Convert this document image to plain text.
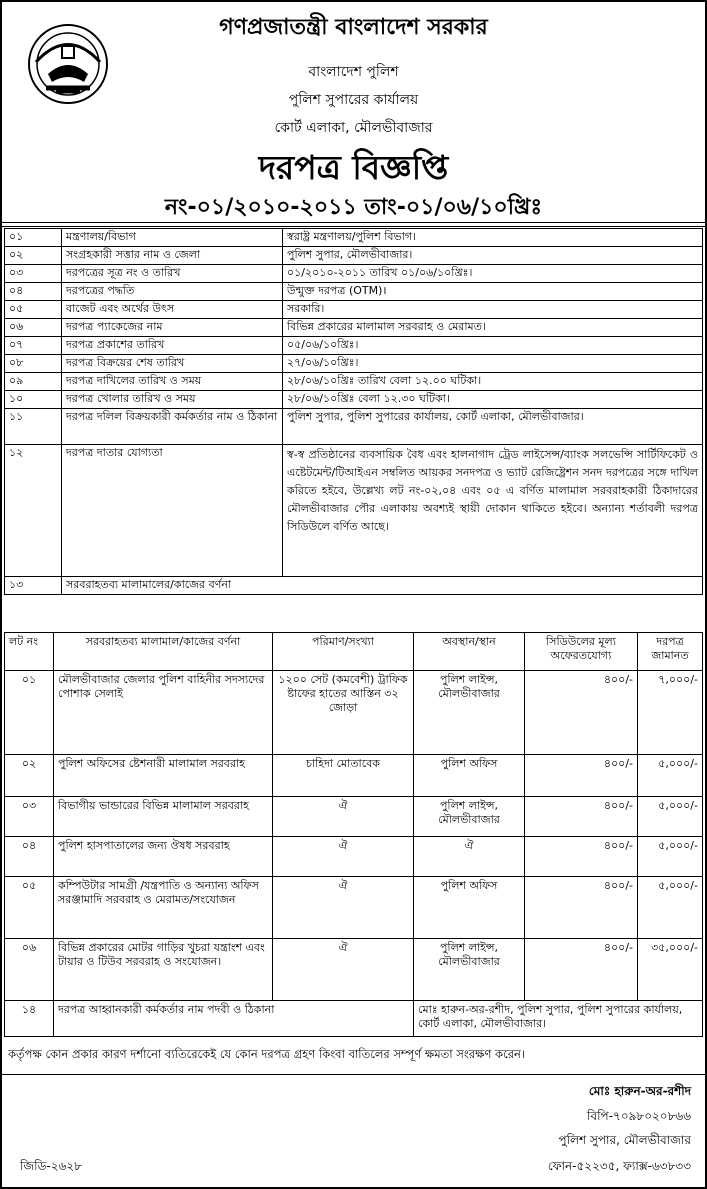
গণপ্রজাতন্ত্রী বাংলাদেশ সরকার
বাংলাদেশ পুলিশ
পুলিশ সুপারের কার্যালয়
কোর্ট এলাকা, মৌলভীবাজার
দরপত্র বিজ্ঞপ্তি
নং-০১/২০১০-২০১১ তাং-০১/০৬/১০খ্রিঃ
০১	মন্ত্রণালয়/বিভাগ	স্বরাষ্ট্র মন্ত্রণালয়/পুলিশ বিভাগ।
০২	সংগ্রহকারী সত্তার নাম ও জেলা	পুলিশ সুপার, মৌলভীবাজার।
০৩	দরপত্রের সূত্র নং ও তারিখ	০১/২০১০-২০১১ তারিখ ০১/০৬/১০খ্রিঃ।
০৪	দরপত্রের পদ্ধতি	উন্মুক্ত দরপত্র (OTM)।
০৫	বাজেট এবং অর্থের উৎস	সরকারি।
০৬	দরপত্র প্যাকেজের নাম	বিভিন্ন প্রকারের মালামাল সরবরাহ ও মেরামত।
০৭	দরপত্র প্রকাশের তারিখ	০৫/০৬/১০খ্রিঃ।
০৮	দরপত্র বিক্রয়ের শেষ তারিখ	২৭/০৬/১০খ্রিঃ।
০৯	দরপত্র দাখিলের তারিখ ও সময়	২৮/০৬/১০খ্রিঃ তারিখ বেলা ১২.০০ ঘটিকা।
১০	দরপত্র খোলার তারিখ ও সময়	২৮/০৬/১০খ্রিঃ বেলা ১২.৩০ ঘটিকা।
১১	দরপত্র দলিল বিক্রয়কারী কর্মকর্তার নাম ও ঠিকানা	পুলিশ সুপার, পুলিশ সুপারের কার্যালয়, কোর্ট এলাকা, মৌলভীবাজার।
১২	দরপত্র দাতার যোগ্যতা	স্ব-স্ব প্রতিষ্ঠানের ব্যবসায়িক বৈধ এবং হালনাগাদ ট্রেড লাইসেন্স/ব্যাংক সলভেন্সি সার্টিফিকেট ও এষ্টেটমেন্ট/টিআইএন সম্বলিত আয়কর সনদপত্র ও ভ্যাট রেজিষ্ট্রেশন সনদ দরপত্রের সঙ্গে দাখিল করিতে হইবে, উল্লেখ্য লট নং-০২,০৪ এবং ০৫ এ বর্ণিত মালামাল সরবরাহকারী ঠিকাদারের মৌলভীবাজার পৌর এলাকায় অবশ্যই স্থায়ী দোকান থাকিতে হইবে। অন্যান্য শর্তাবলী দরপত্র সিডিউলে বর্ণিত আছে।
১৩	সরবরাহতব্য মালামালের/কাজের বর্ণনা	
লট নং	সরবরাহতব্য মালামাল/কাজের বর্ণনা	পরিমাণ/সংখ্যা	অবস্থান/স্থান	সিডিউলের মূল্য অফেরতযোগ্য	দরপত্র জামানত
০১	মৌলভীবাজার জেলার পুলিশ বাহিনীর সদস্যদের পোশাক সেলাই	১২০০ সেট (কমবেশী) ট্রাফিক ষ্টাফের হাতের আস্তিন ৩২ জোড়া	পুলিশ লাইন্স, মৌলভীবাজার	৪০০/-	৭,০০০/-
০২	পুলিশ অফিসের ষ্টেশনারী মালামাল সরবরাহ	চাহিদা মোতাবেক	পুলিশ অফিস	৪০০/-	৫,০০০/-
০৩	বিভাগীয় ভান্ডারের বিভিন্ন মালামাল সরবরাহ	ঐ	পুলিশ লাইন্স, মৌলভীবাজার	৪০০/-	৫,০০০/-
০৪	পুলিশ হাসপাতালের জন্য ঔষধ সরবরাহ	ঐ	ঐ	৪০০/-	৫,০০০/-
০৫	কম্পিউটার সামগ্রী /যন্ত্রপাতি ও অন্যান্য অফিস সরঞ্জামাদি সরবরাহ ও মেরামত/সংযোজন	ঐ	পুলিশ অফিস	৪০০/-	৫,০০০/-
০৬	বিভিন্ন প্রকারের মোটর গাড়ির খুচরা যন্ত্রাংশ এবং টায়ার ও টিউব সরবরাহ ও সংযোজন।	ঐ	পুলিশ লাইন্স, মৌলভীবাজার	৪০০/-	৩৫,০০০/-
১৪	দরপত্র আহ্বানকারী কর্মকর্তার নাম পদবী ও ঠিকানা		মোঃ হারুন-অর-রশীদ, পুলিশ সুপার, পুলিশ সুপারের কার্যালয়, কোর্ট এলাকা, মৌলভীবাজার।		
কর্তৃপক্ষ কোন প্রকার কারণ দর্শানো ব্যতিরেকেই যে কোন দরপত্র গ্রহণ কিংবা বাতিলের সম্পূর্ণ ক্ষমতা সংরক্ষণ করেন।
মোঃ হারুন-অর-রশীদ
বিপি-৭০৯৮০২০৮৬৬
পুলিশ সুপার, মৌলভীবাজার
ফোন-৫২২৩৫, ফ্যাক্স-৬৩৮৩৩
জিডি-২৬২৮
